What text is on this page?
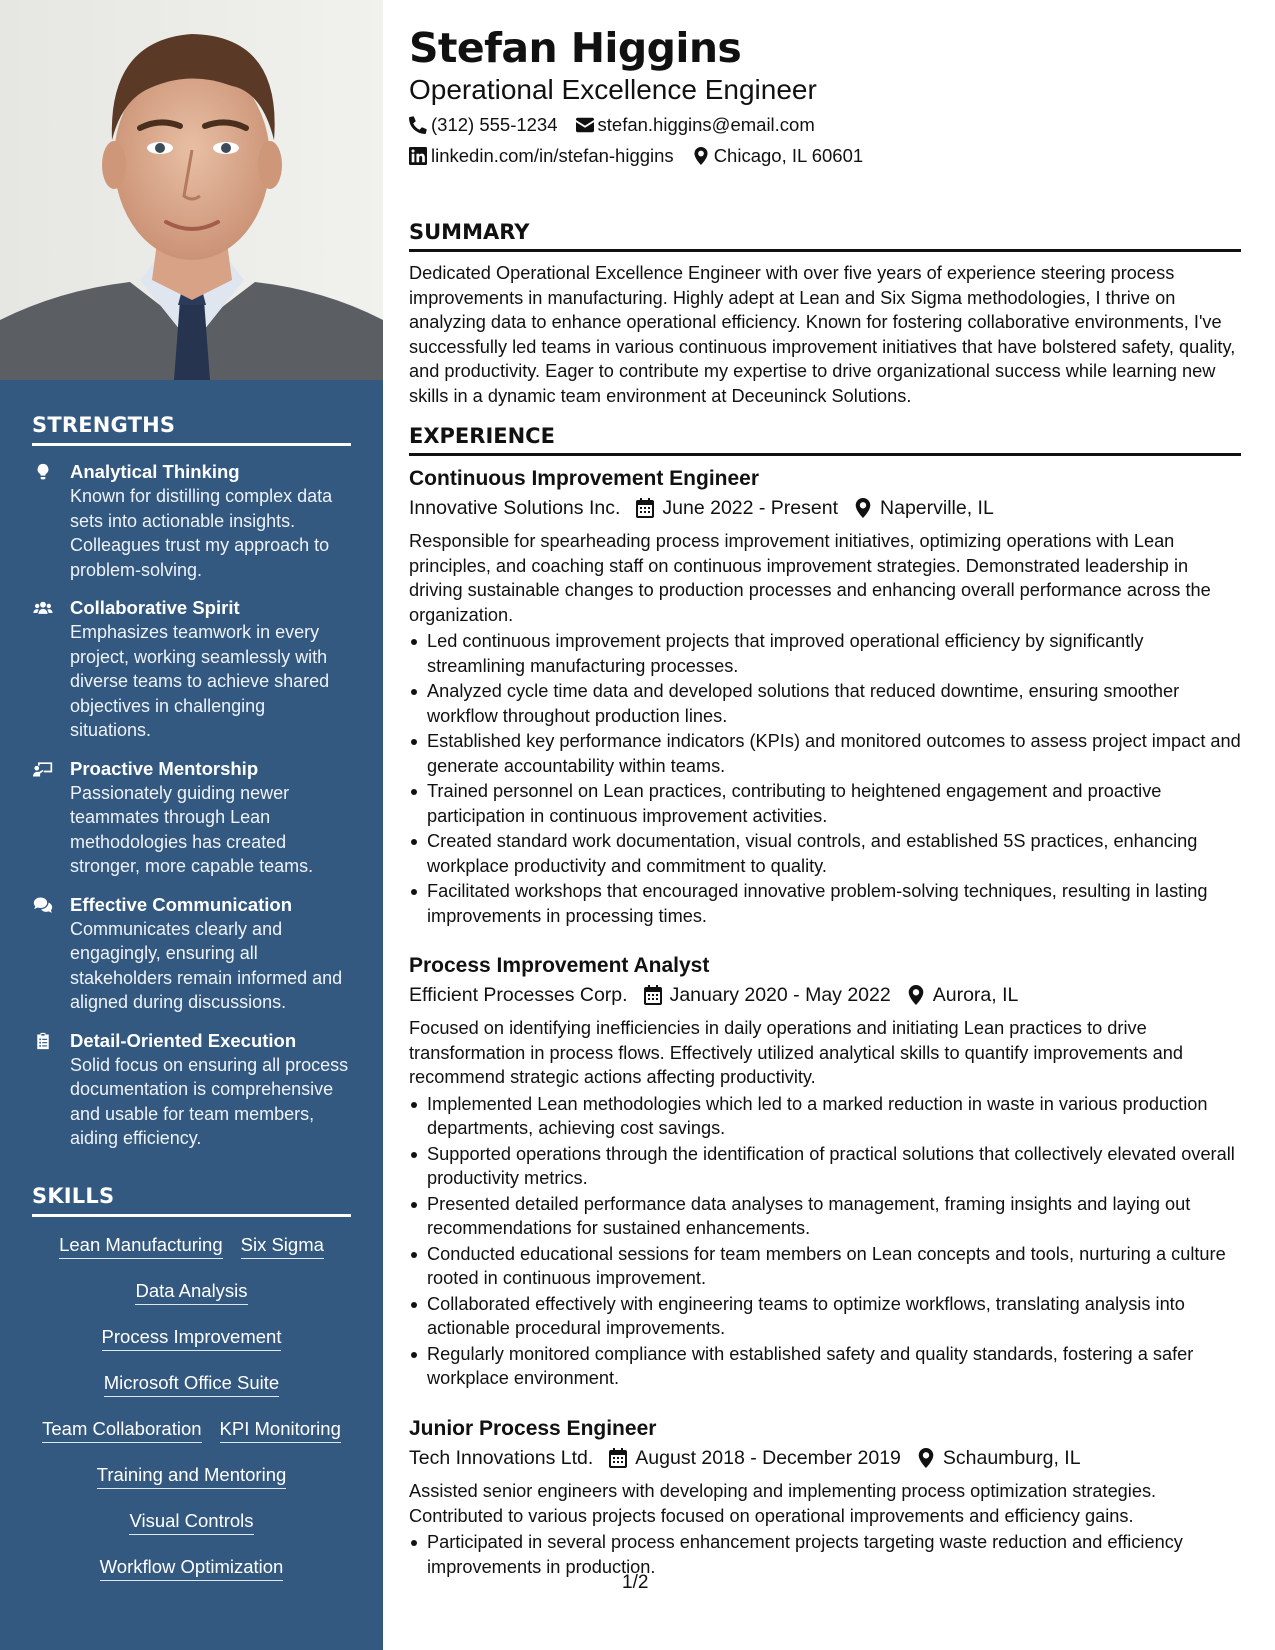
STRENGTHS
Analytical Thinking
Known for distilling complex data sets into actionable insights. Colleagues trust my approach to problem-solving.
Collaborative Spirit
Emphasizes teamwork in every project, working seamlessly with diverse teams to achieve shared objectives in challenging situations.
Proactive Mentorship
Passionately guiding newer teammates through Lean methodologies has created stronger, more capable teams.
Effective Communication
Communicates clearly and engagingly, ensuring all stakeholders remain informed and aligned during discussions.
Detail-Oriented Execution
Solid focus on ensuring all process documentation is comprehensive and usable for team members, aiding efficiency.
SKILLS
Lean Manufacturing Six Sigma
Data Analysis
Process Improvement
Microsoft Office Suite
Team Collaboration KPI Monitoring
Training and Mentoring
Visual Controls
Workflow Optimization
Stefan Higgins
Operational Excellence Engineer
(312) 555-1234 stefan.higgins@email.com
linkedin.com/in/stefan-higgins Chicago, IL 60601
SUMMARY
Dedicated Operational Excellence Engineer with over five years of experience steering process improvements in manufacturing. Highly adept at Lean and Six Sigma methodologies, I thrive on analyzing data to enhance operational efficiency. Known for fostering collaborative environments, I've successfully led teams in various continuous improvement initiatives that have bolstered safety, quality, and productivity. Eager to contribute my expertise to drive organizational success while learning new skills in a dynamic team environment at Deceuninck Solutions.
EXPERIENCE
Continuous Improvement Engineer
Innovative Solutions Inc. June 2022 - Present Naperville, IL
Responsible for spearheading process improvement initiatives, optimizing operations with Lean principles, and coaching staff on continuous improvement strategies. Demonstrated leadership in driving sustainable changes to production processes and enhancing overall performance across the organization.
Led continuous improvement projects that improved operational efficiency by significantly streamlining manufacturing processes.
Analyzed cycle time data and developed solutions that reduced downtime, ensuring smoother workflow throughout production lines.
Established key performance indicators (KPIs) and monitored outcomes to assess project impact and generate accountability within teams.
Trained personnel on Lean practices, contributing to heightened engagement and proactive participation in continuous improvement activities.
Created standard work documentation, visual controls, and established 5S practices, enhancing workplace productivity and commitment to quality.
Facilitated workshops that encouraged innovative problem-solving techniques, resulting in lasting improvements in processing times.
Process Improvement Analyst
Efficient Processes Corp. January 2020 - May 2022 Aurora, IL
Focused on identifying inefficiencies in daily operations and initiating Lean practices to drive transformation in process flows. Effectively utilized analytical skills to quantify improvements and recommend strategic actions affecting productivity.
Implemented Lean methodologies which led to a marked reduction in waste in various production departments, achieving cost savings.
Supported operations through the identification of practical solutions that collectively elevated overall productivity metrics.
Presented detailed performance data analyses to management, framing insights and laying out recommendations for sustained enhancements.
Conducted educational sessions for team members on Lean concepts and tools, nurturing a culture rooted in continuous improvement.
Collaborated effectively with engineering teams to optimize workflows, translating analysis into actionable procedural improvements.
Regularly monitored compliance with established safety and quality standards, fostering a safer workplace environment.
Junior Process Engineer
Tech Innovations Ltd. August 2018 - December 2019 Schaumburg, IL
Assisted senior engineers with developing and implementing process optimization strategies. Contributed to various projects focused on operational improvements and efficiency gains.
Participated in several process enhancement projects targeting waste reduction and efficiency improvements in production.
1/2
